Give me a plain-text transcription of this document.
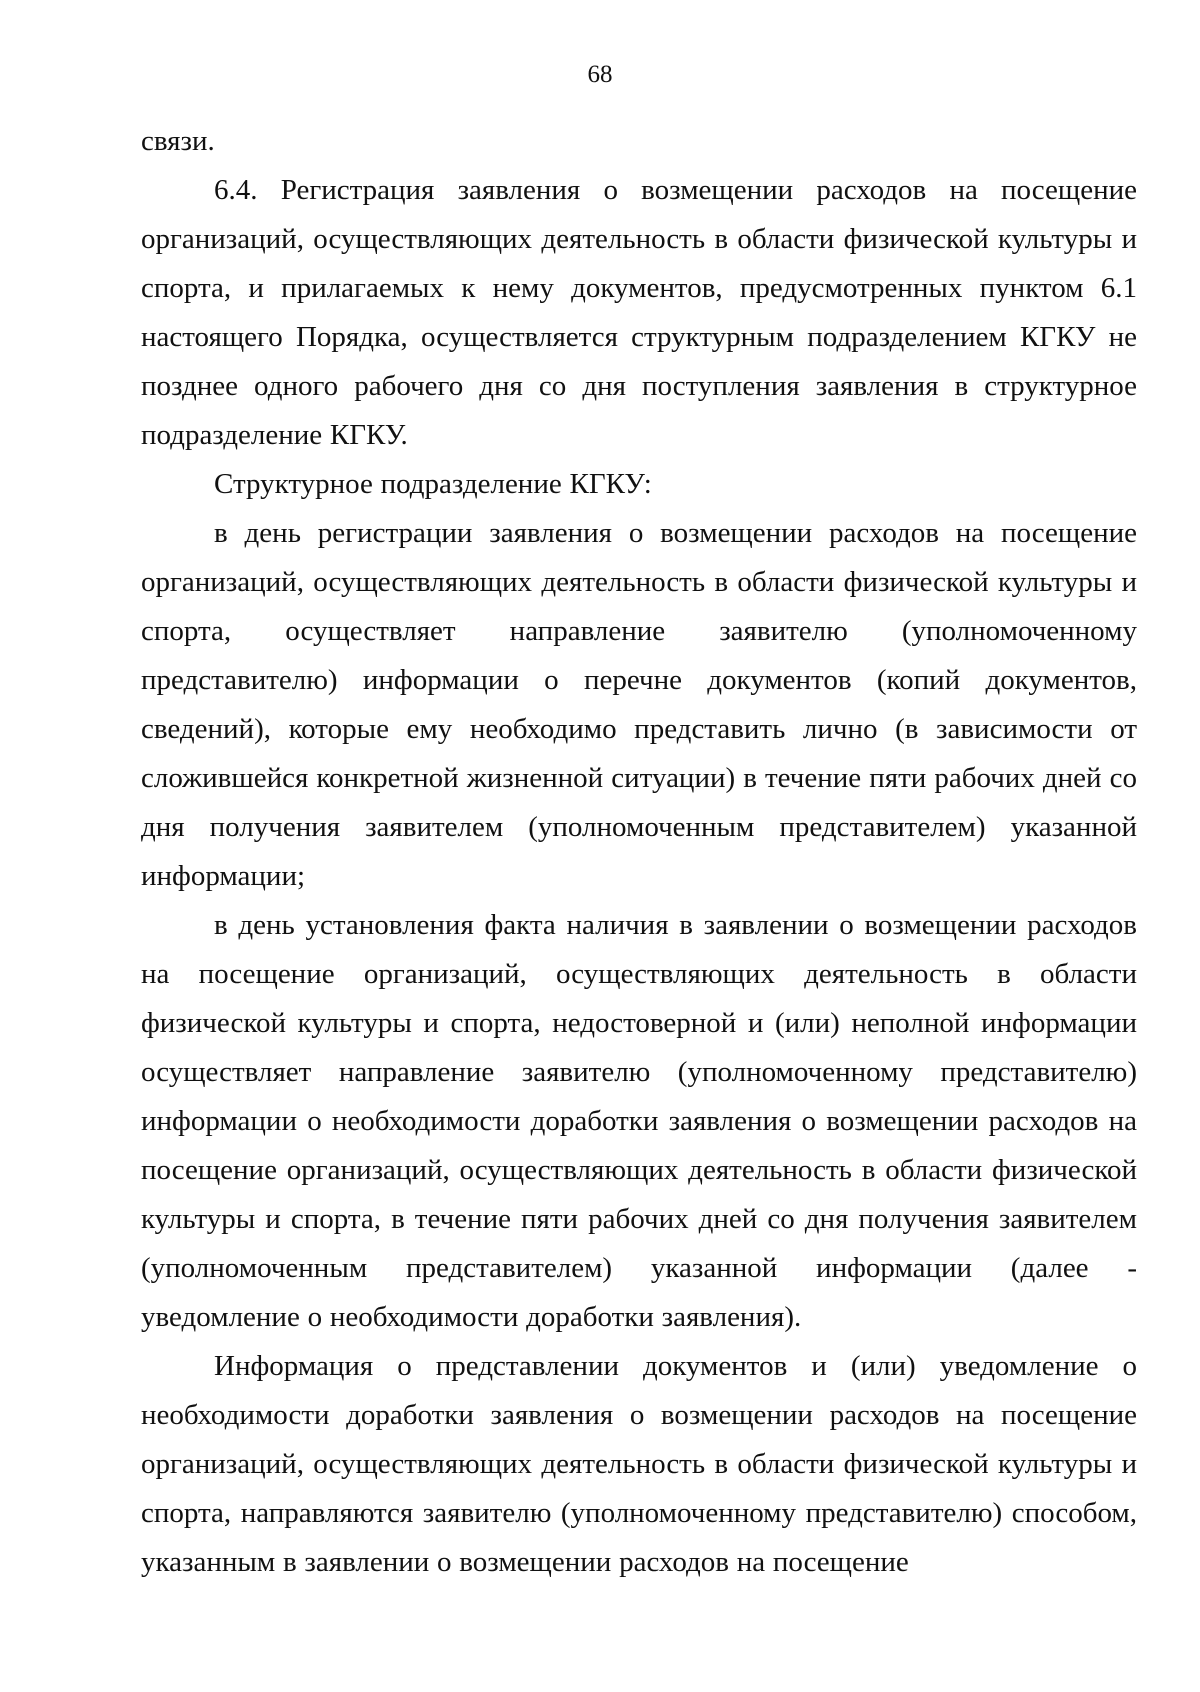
68

связи.

6.4. Регистрация заявления о возмещении расходов на посещение организаций, осуществляющих деятельность в области физической культуры и спорта, и прилагаемых к нему документов, предусмотренных пунктом 6.1 настоящего Порядка, осуществляется структурным подразделением КГКУ не позднее одного рабочего дня со дня поступления заявления в структурное подразделение КГКУ.

Структурное подразделение КГКУ:

в день регистрации заявления о возмещении расходов на посещение организаций, осуществляющих деятельность в области физической культуры и спорта, осуществляет направление заявителю (уполномоченному представителю) информации о перечне документов (копий документов, сведений), которые ему необходимо представить лично (в зависимости от сложившейся конкретной жизненной ситуации) в течение пяти рабочих дней со дня получения заявителем (уполномоченным представителем) указанной информации;

в день установления факта наличия в заявлении о возмещении расходов на посещение организаций, осуществляющих деятельность в области физической культуры и спорта, недостоверной и (или) неполной информации осуществляет направление заявителю (уполномоченному представителю) информации о необходимости доработки заявления о возмещении расходов на посещение организаций, осуществляющих деятельность в области физической культуры и спорта, в течение пяти рабочих дней со дня получения заявителем (уполномоченным представителем) указанной информации (далее - уведомление о необходимости доработки заявления).

Информация о представлении документов и (или) уведомление о необходимости доработки заявления о возмещении расходов на посещение организаций, осуществляющих деятельность в области физической культуры и спорта, направляются заявителю (уполномоченному представителю) способом, указанным в заявлении о возмещении расходов на посещение
